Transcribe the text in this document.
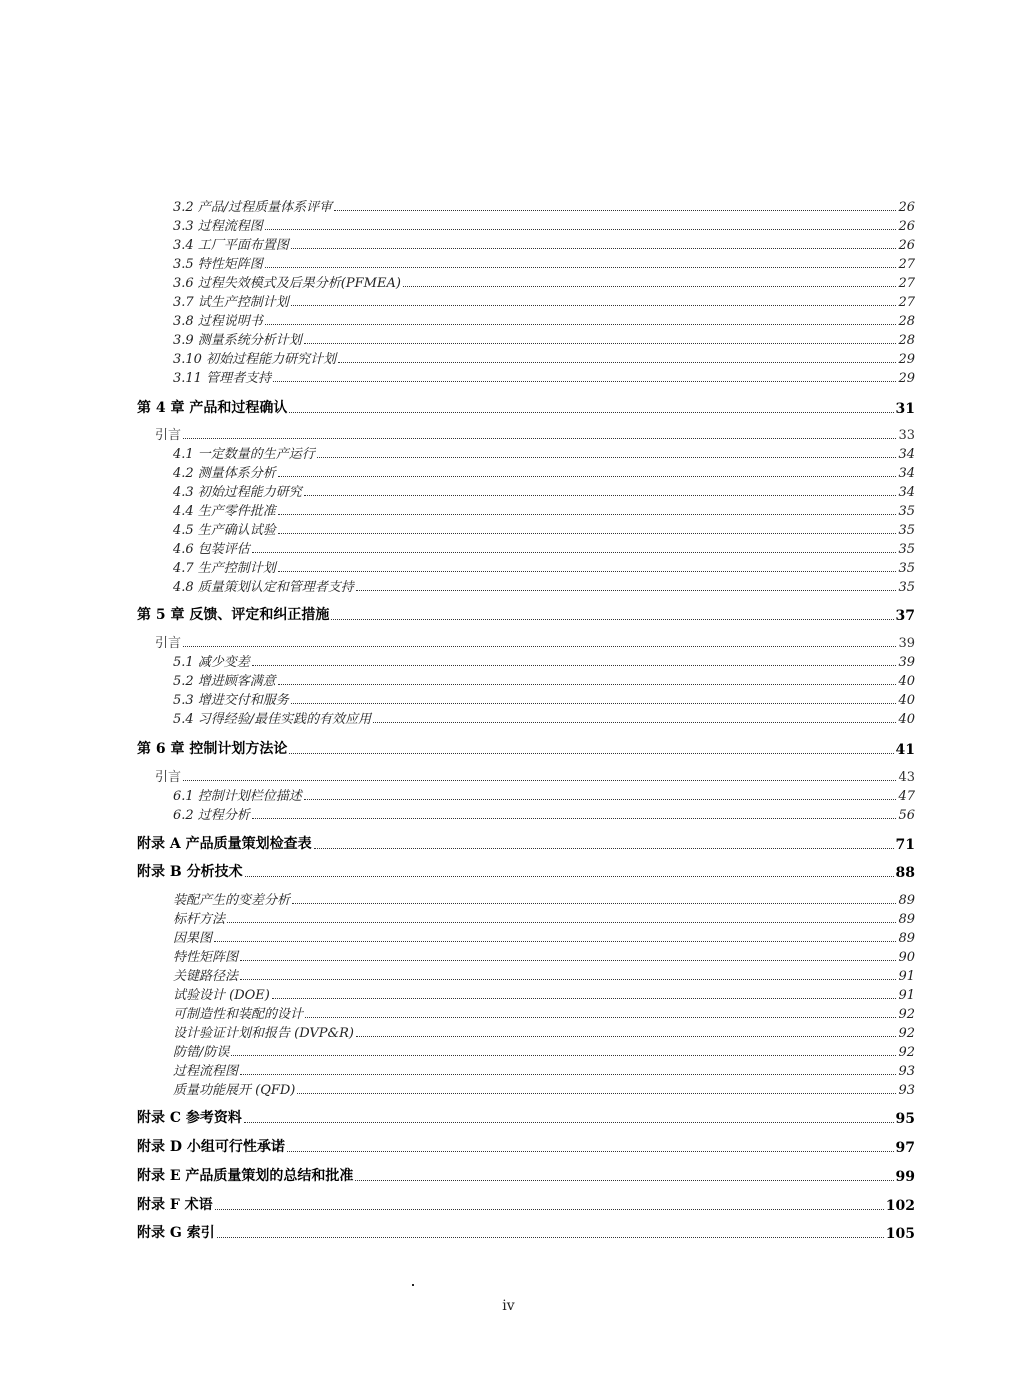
3.2 产品/过程质量体系评审	26
3.3 过程流程图	26
3.4 工厂平面布置图	26
3.5 特性矩阵图	27
3.6 过程失效模式及后果分析(PFMEA)	27
3.7 试生产控制计划	27
3.8 过程说明书	28
3.9 测量系统分析计划	28
3.10 初始过程能力研究计划	29
3.11 管理者支持	29
第 4 章 产品和过程确认	31
引言	33
4.1 一定数量的生产运行	34
4.2 测量体系分析	34
4.3 初始过程能力研究	34
4.4 生产零件批准	35
4.5 生产确认试验	35
4.6 包装评估	35
4.7 生产控制计划	35
4.8 质量策划认定和管理者支持	35
第 5 章 反馈、评定和纠正措施	37
引言	39
5.1 减少变差	39
5.2 增进顾客满意	40
5.3 增进交付和服务	40
5.4 习得经验/最佳实践的有效应用	40
第 6 章 控制计划方法论	41
引言	43
6.1 控制计划栏位描述	47
6.2 过程分析	56
附录 A 产品质量策划检查表	71
附录 B 分析技术	88
装配产生的变差分析	89
标杆方法	89
因果图	89
特性矩阵图	90
关键路径法	91
试验设计 (DOE)	91
可制造性和装配的设计	92
设计验证计划和报告 (DVP&R)	92
防错/防误	92
过程流程图	93
质量功能展开 (QFD)	93
附录 C 参考资料	95
附录 D 小组可行性承诺	97
附录 E 产品质量策划的总结和批准	99
附录 F 术语	102
附录 G 索引	105
iv
